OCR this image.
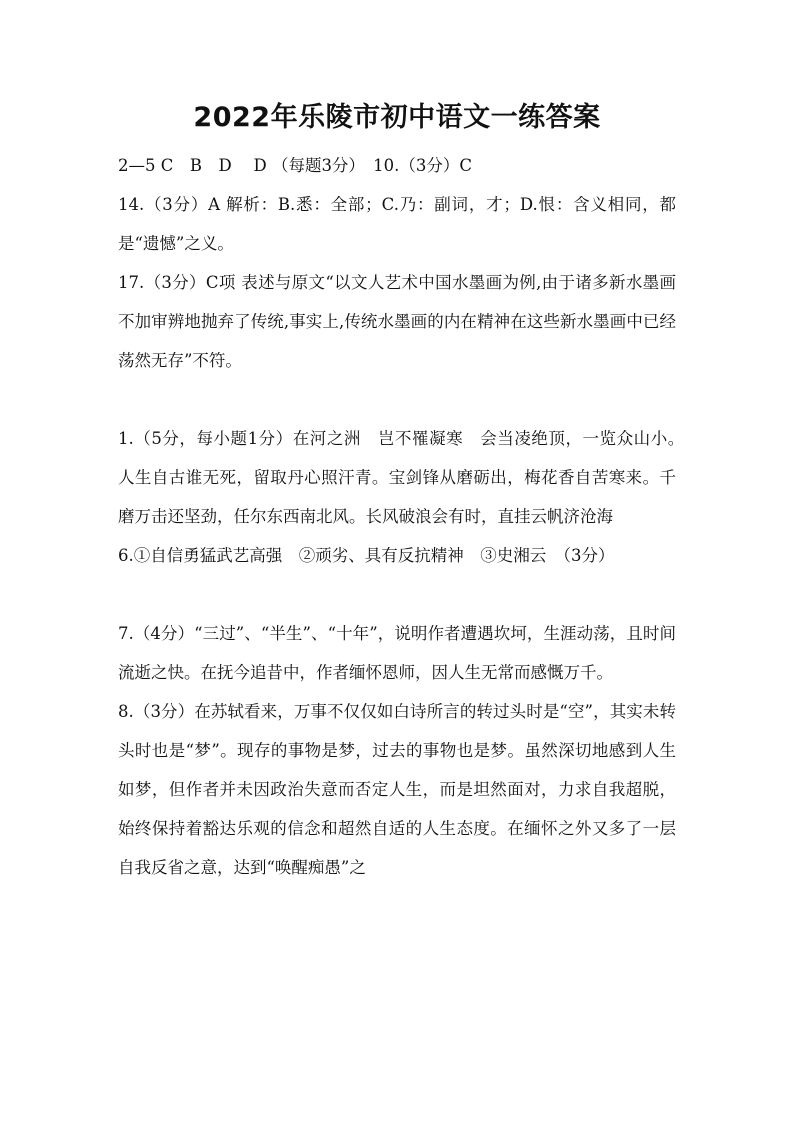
2022年乐陵市初中语文一练答案

2—5 C　B　D　 D （每题3分）　10.（3分）C

14.（3分）A 解析：B.悉：全部；C.乃：副词，才；D.恨：含义相同，都是“遗憾”之义。

17.（3分）C项 表述与原文“以文人艺术中国水墨画为例,由于诸多新水墨画不加审辨地抛弃了传统,事实上,传统水墨画的内在精神在这些新水墨画中已经荡然无存”不符。

1.（5分，每小题1分）在河之洲　岂不罹凝寒　会当凌绝顶，一览众山小。　人生自古谁无死，留取丹心照汗青。宝剑锋从磨砺出，梅花香自苦寒来。千磨万击还坚劲，任尔东西南北风。长风破浪会有时，直挂云帆济沧海

6.①自信勇猛武艺高强　②顽劣、具有反抗精神　③史湘云　（3分）

7.（4分）“三过”、“半生”、“十年”，说明作者遭遇坎坷，生涯动荡，且时间流逝之快。在抚今追昔中，作者缅怀恩师，因人生无常而感慨万千。

8.（3分）在苏轼看来，万事不仅仅如白诗所言的转过头时是“空”，其实未转头时也是“梦”。现存的事物是梦，过去的事物也是梦。虽然深切地感到人生如梦，但作者并未因政治失意而否定人生，而是坦然面对，力求自我超脱，始终保持着豁达乐观的信念和超然自适的人生态度。在缅怀之外又多了一层自我反省之意，达到“唤醒痴愚”之
